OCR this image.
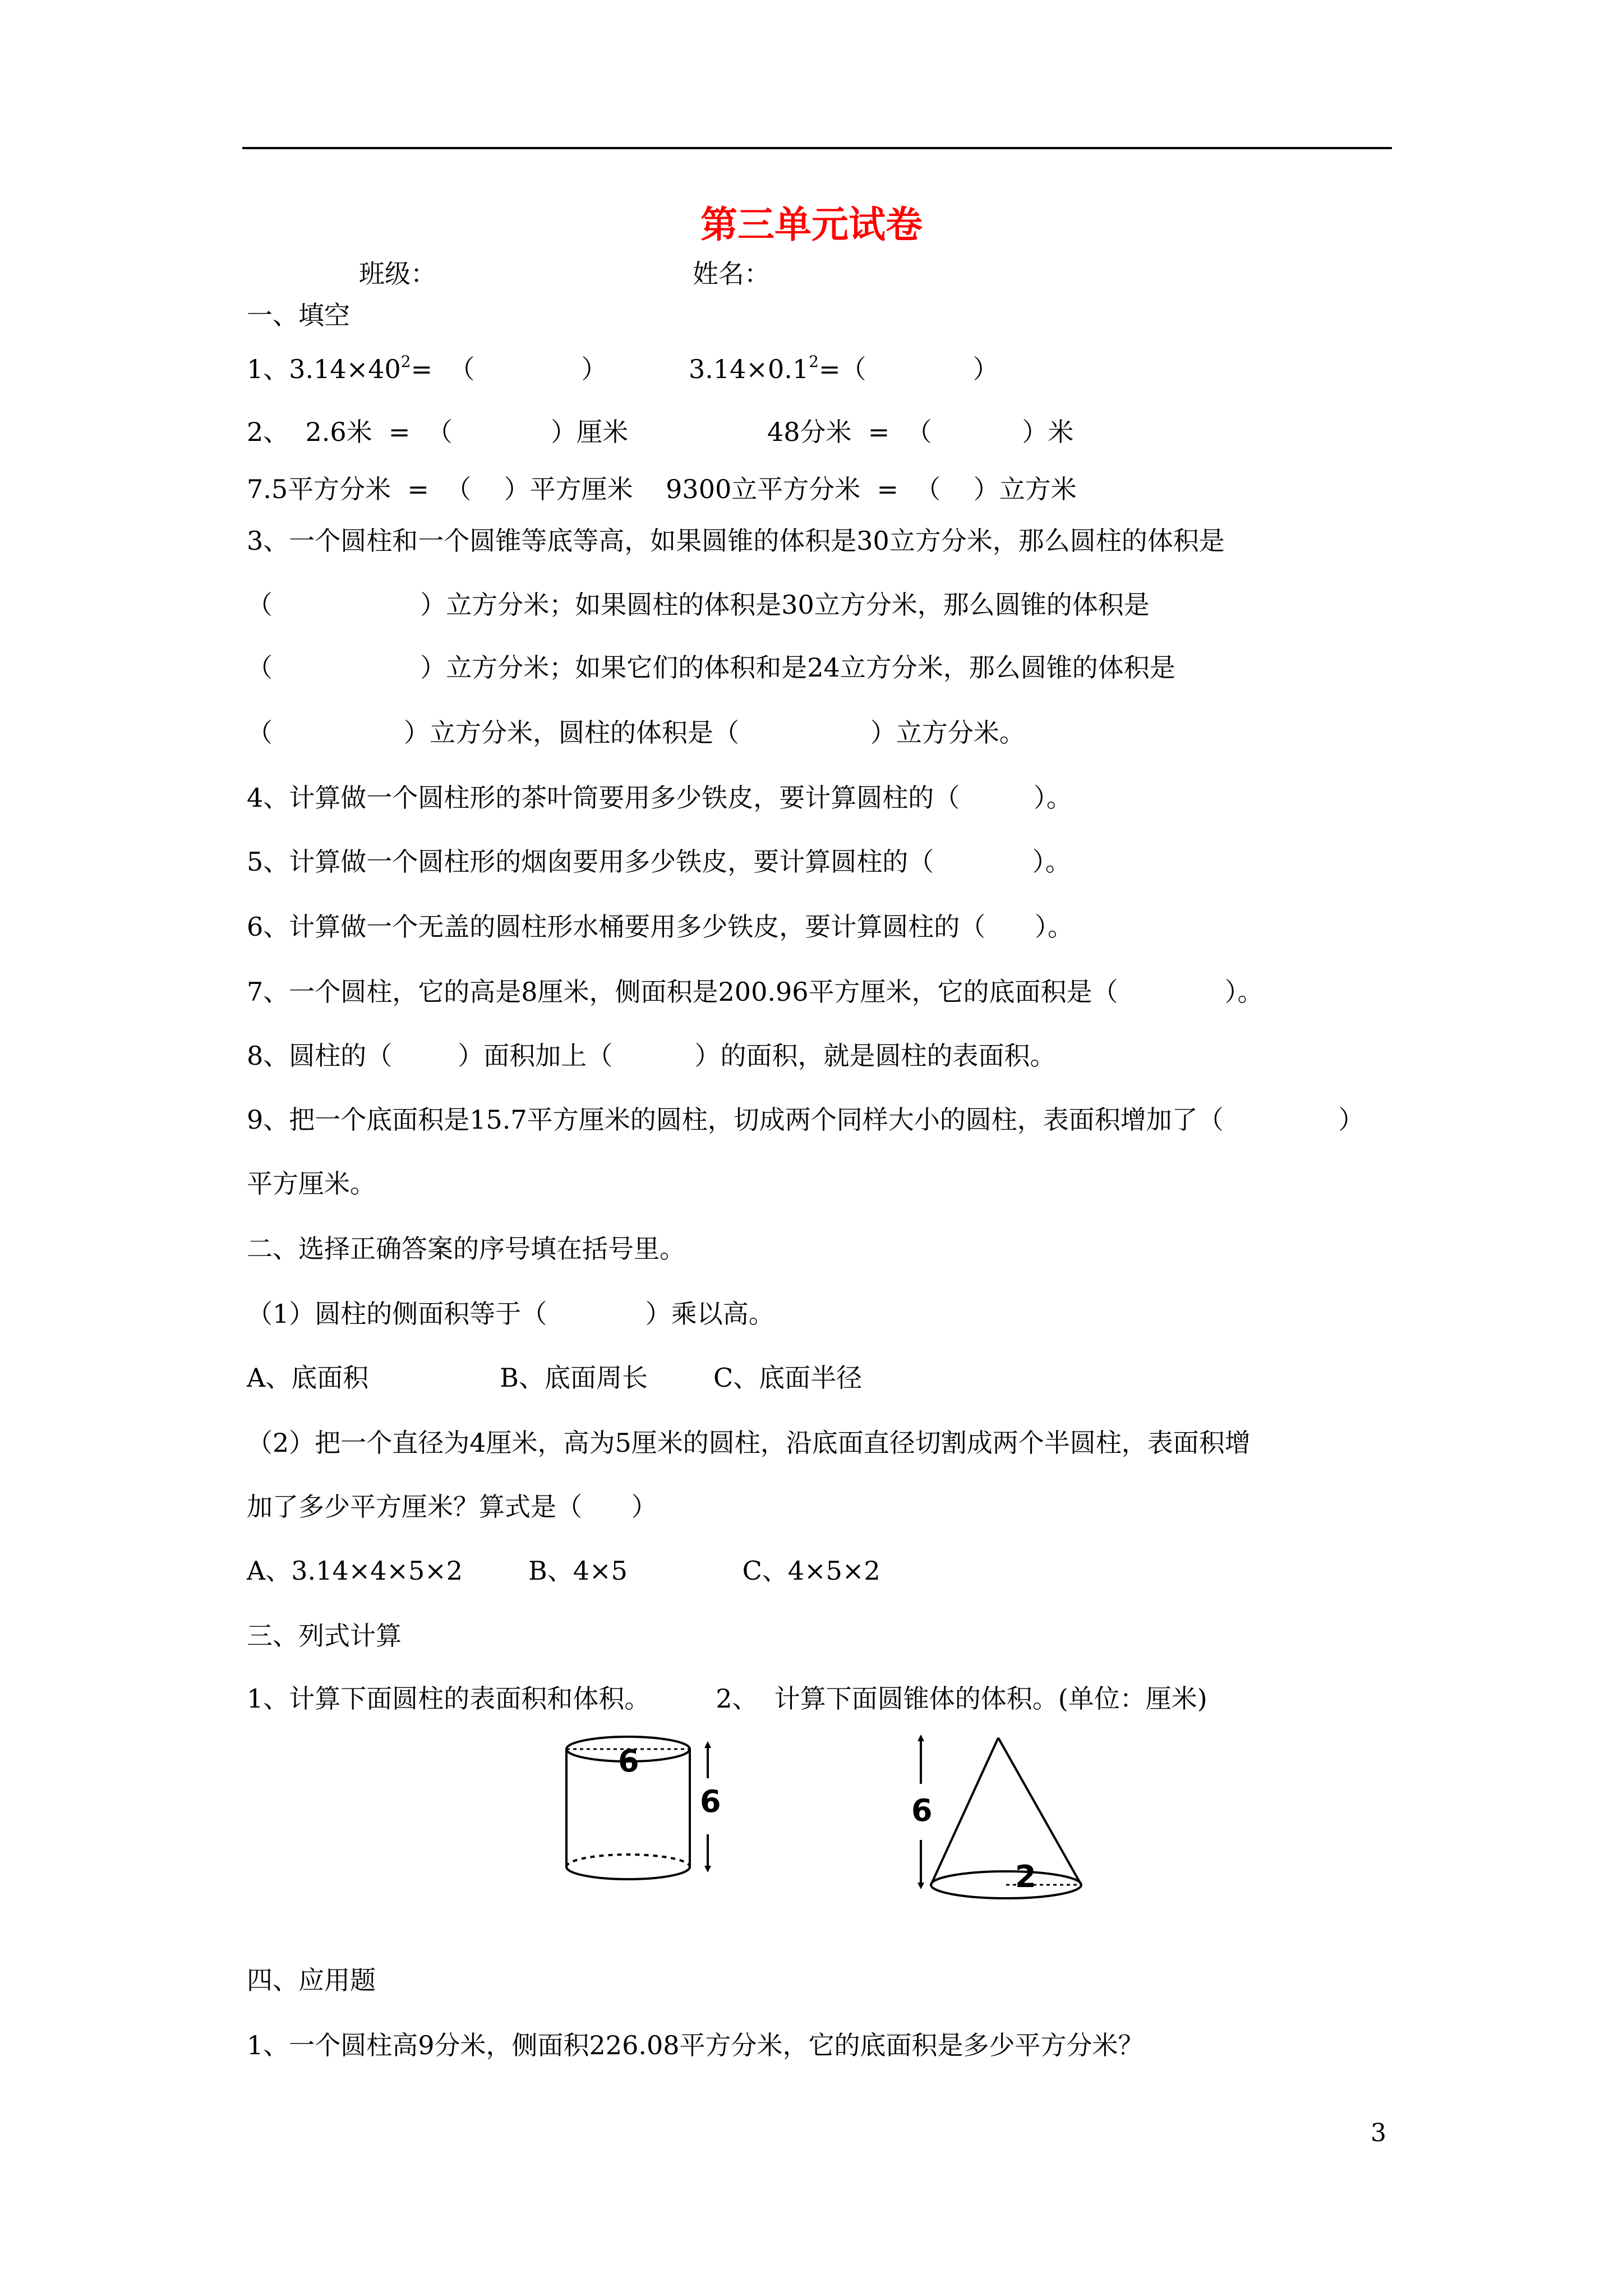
第三单元试卷
班级：	姓名：
一、填空
1、$3.14\times 40^2=$  （             ）	$3.14\times 0.1^2=$（             ）
2、  2.6米  =  （            ）厘米	48分米  =  （           ）米
7.5平方分米  =  （    ）平方厘米    9300立平方分米  =  （    ）立方米
3、一个圆柱和一个圆锥等底等高，如果圆锥的体积是30立方分米，那么圆柱的体积是
（                  ）立方分米；如果圆柱的体积是30立方分米，那么圆锥的体积是
（                  ）立方分米；如果它们的体积和是24立方分米，那么圆锥的体积是
（                ）立方分米，圆柱的体积是（                ）立方分米。
4、计算做一个圆柱形的茶叶筒要用多少铁皮，要计算圆柱的（         ）。
5、计算做一个圆柱形的烟囱要用多少铁皮，要计算圆柱的（            ）。
6、计算做一个无盖的圆柱形水桶要用多少铁皮，要计算圆柱的（      ）。
7、一个圆柱，它的高是8厘米，侧面积是200.96平方厘米，它的底面积是（             ）。
8、圆柱的（        ）面积加上（          ）的面积，就是圆柱的表面积。
9、把一个底面积是15.7平方厘米的圆柱，切成两个同样大小的圆柱，表面积增加了（              ）
平方厘米。
二、选择正确答案的序号填在括号里。
（1）圆柱的侧面积等于（            ）乘以高。
A、底面积                B、底面周长        C、底面半径
（2）把一个直径为4厘米，高为5厘米的圆柱，沿底面直径切割成两个半圆柱，表面积增
加了多少平方厘米？算式是（      ）
A、3.14×4×5×2        B、4×5              C、4×5×2
三、列式计算
1、计算下面圆柱的表面积和体积。        2、  计算下面圆锥体的体积。(单位：厘米)
6
6
2
6
四、应用题
1、一个圆柱高9分米，侧面积226.08平方分米，它的底面积是多少平方分米？
3
